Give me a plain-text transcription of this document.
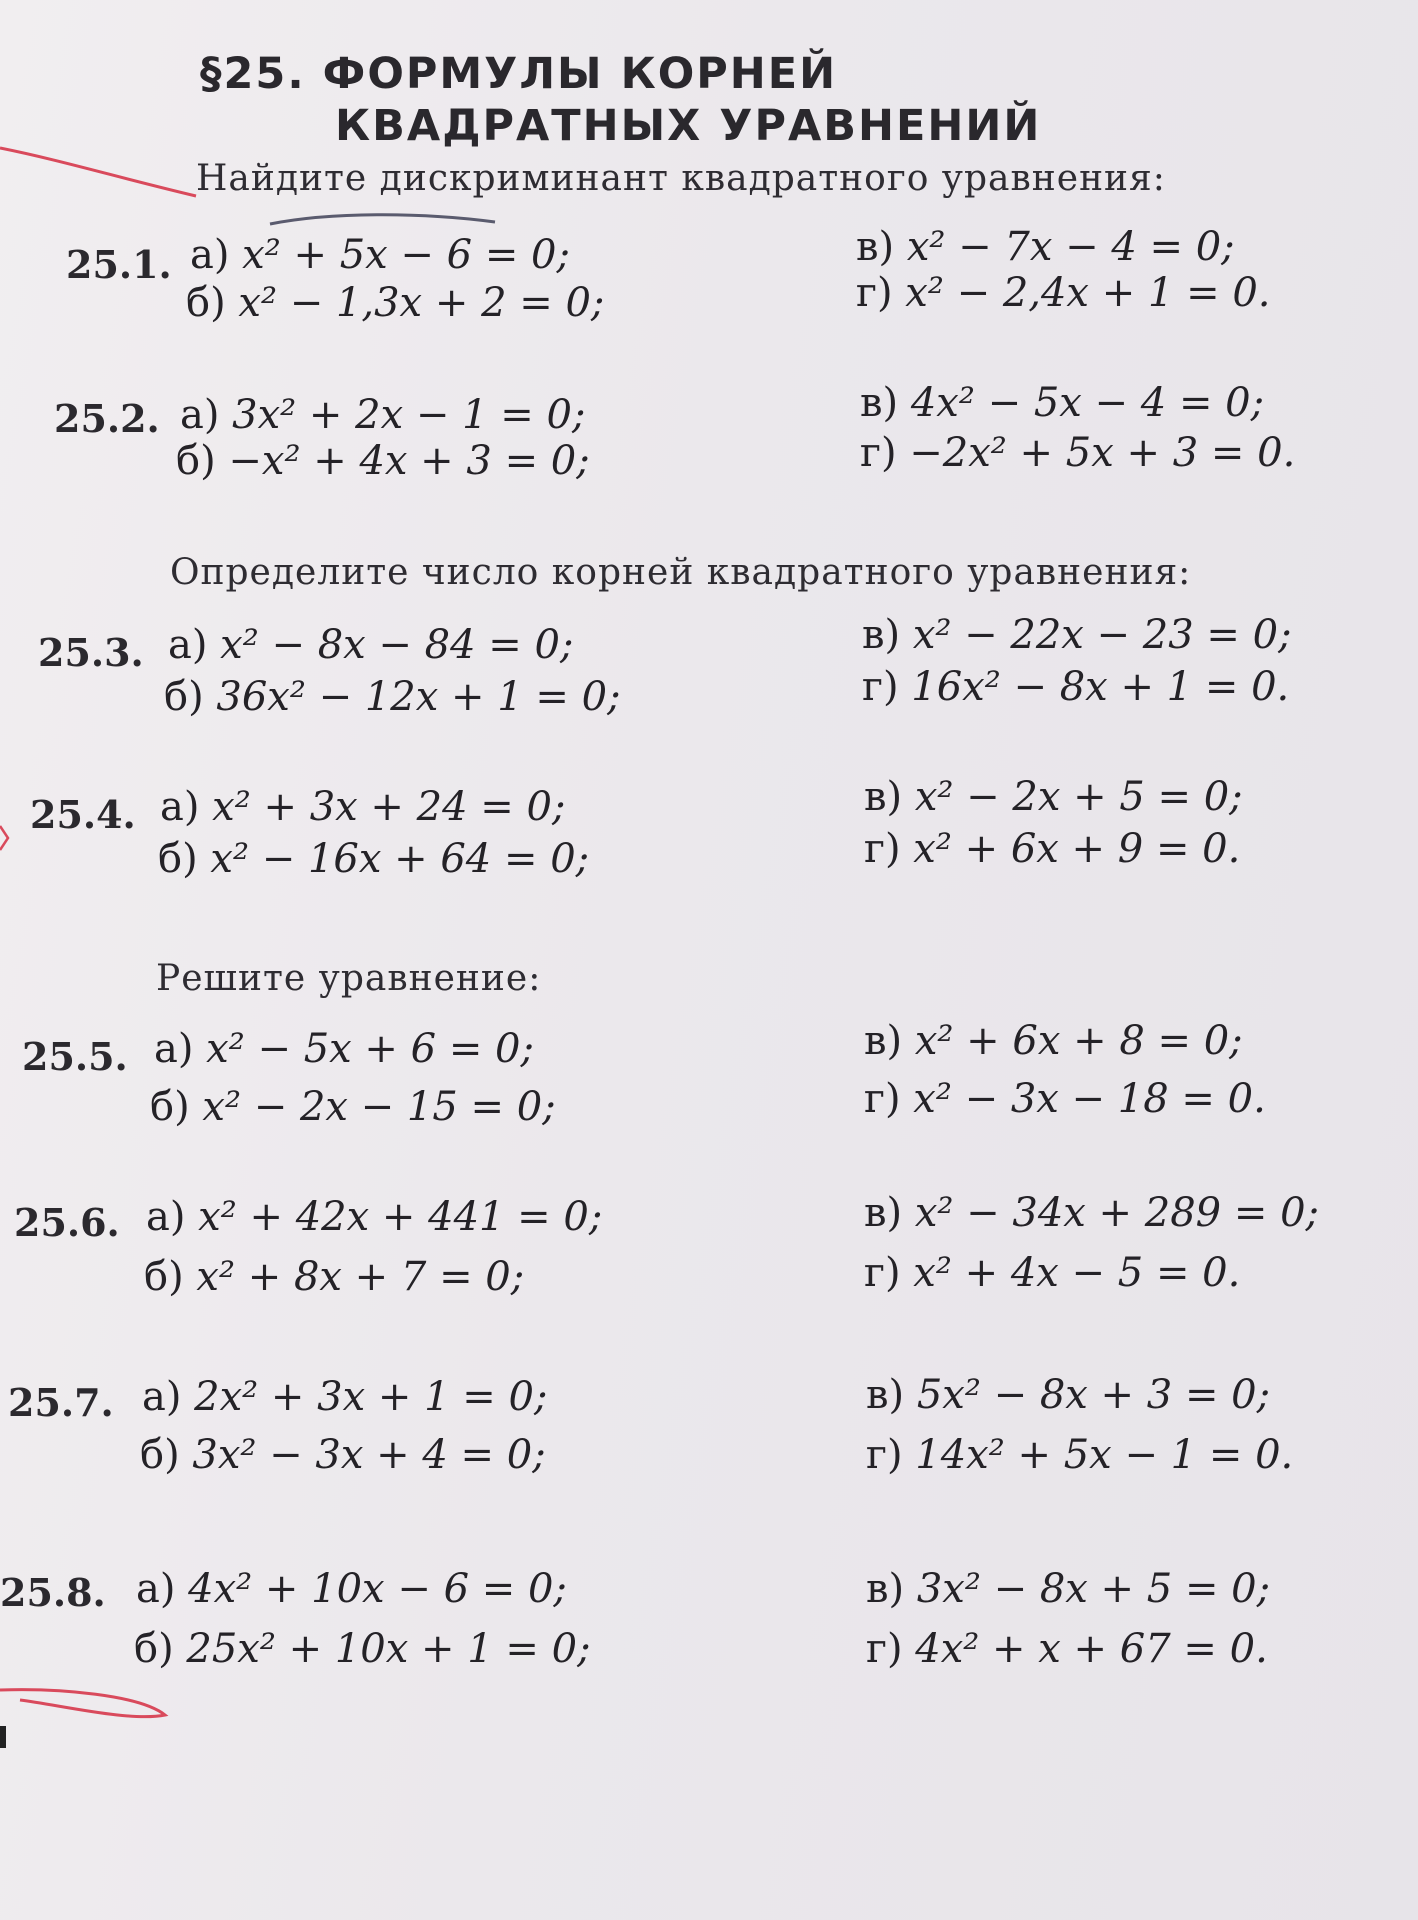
§25. ФОРМУЛЫ КОРНЕЙ
КВАДРАТНЫХ УРАВНЕНИЙ
Найдите дискриминант квадратного уравнения:
25.1. а) x² + 5x − 6 = 0;
б) x² − 1,3x + 2 = 0;
в) x² − 7x − 4 = 0;
г) x² − 2,4x + 1 = 0.
25.2. а) 3x² + 2x − 1 = 0;
б) −x² + 4x + 3 = 0;
в) 4x² − 5x − 4 = 0;
г) −2x² + 5x + 3 = 0.
Определите число корней квадратного уравнения:
25.3. а) x² − 8x − 84 = 0;
б) 36x² − 12x + 1 = 0;
в) x² − 22x − 23 = 0;
г) 16x² − 8x + 1 = 0.
25.4. а) x² + 3x + 24 = 0;
б) x² − 16x + 64 = 0;
в) x² − 2x + 5 = 0;
г) x² + 6x + 9 = 0.
Решите уравнение:
25.5. а) x² − 5x + 6 = 0;
б) x² − 2x − 15 = 0;
в) x² + 6x + 8 = 0;
г) x² − 3x − 18 = 0.
25.6. а) x² + 42x + 441 = 0;
б) x² + 8x + 7 = 0;
в) x² − 34x + 289 = 0;
г) x² + 4x − 5 = 0.
25.7. а) 2x² + 3x + 1 = 0;
б) 3x² − 3x + 4 = 0;
в) 5x² − 8x + 3 = 0;
г) 14x² + 5x − 1 = 0.
25.8. а) 4x² + 10x − 6 = 0;
б) 25x² + 10x + 1 = 0;
в) 3x² − 8x + 5 = 0;
г) 4x² + x + 67 = 0.
